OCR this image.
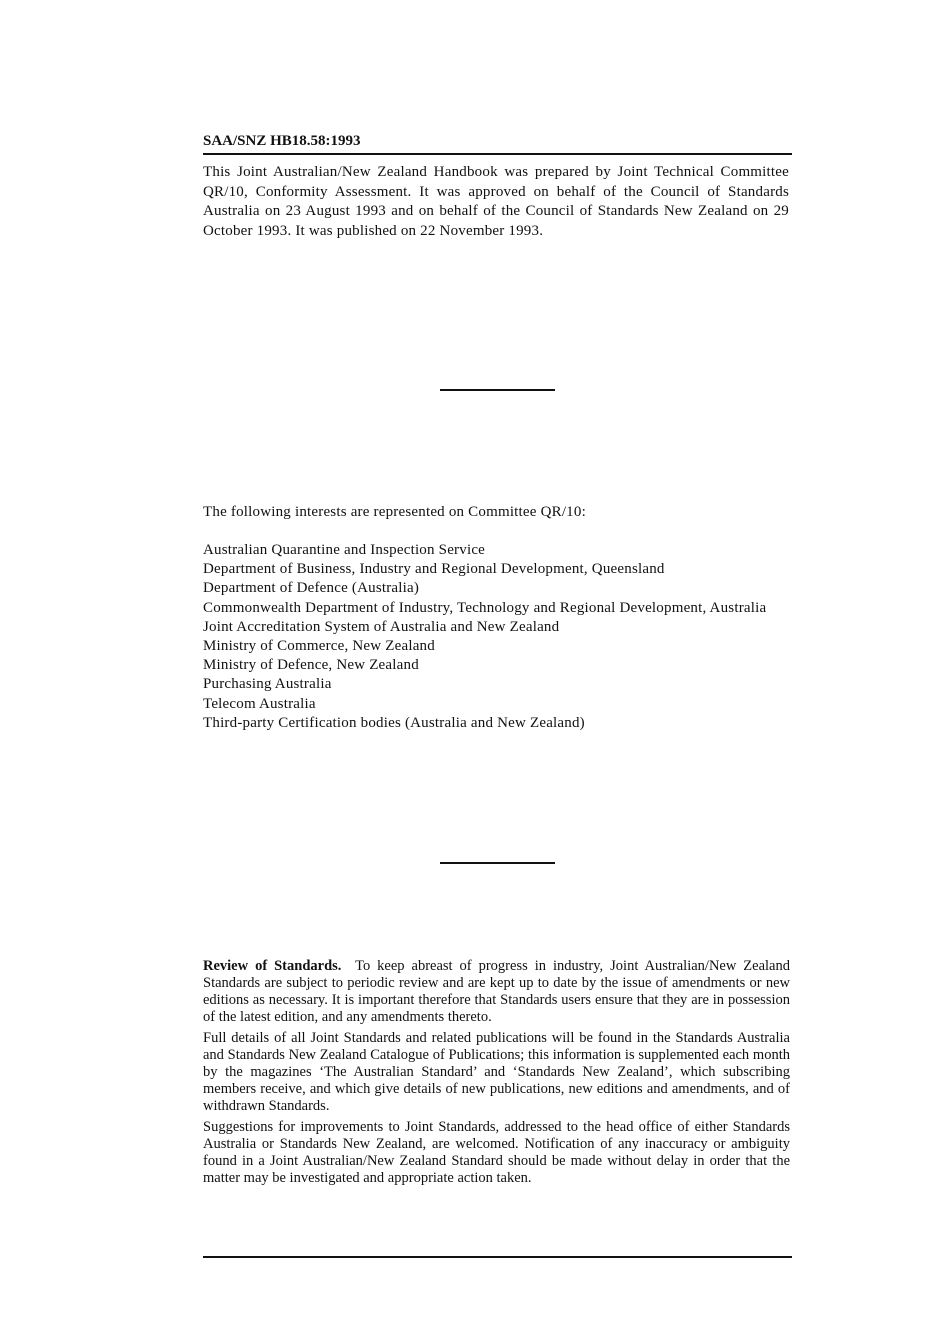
SAA/SNZ HB18.58:1993
This Joint Australian/New Zealand Handbook was prepared by Joint Technical Committee QR/10, Conformity Assessment. It was approved on behalf of the Council of Standards Australia on 23 August 1993 and on behalf of the Council of Standards New Zealand on 29 October 1993. It was published on 22 November 1993.
The following interests are represented on Committee QR/10:
Australian Quarantine and Inspection Service
Department of Business, Industry and Regional Development, Queensland
Department of Defence (Australia)
Commonwealth Department of Industry, Technology and Regional Development, Australia
Joint Accreditation System of Australia and New Zealand
Ministry of Commerce, New Zealand
Ministry of Defence, New Zealand
Purchasing Australia
Telecom Australia
Third-party Certification bodies (Australia and New Zealand)

Review of Standards. To keep abreast of progress in industry, Joint Australian/New Zealand Standards are subject to periodic review and are kept up to date by the issue of amendments or new editions as necessary. It is important therefore that Standards users ensure that they are in possession of the latest edition, and any amendments thereto.

Full details of all Joint Standards and related publications will be found in the Standards Australia and Standards New Zealand Catalogue of Publications; this information is supplemented each month by the magazines ‘The Australian Standard’ and ‘Standards New Zealand’, which subscribing members receive, and which give details of new publications, new editions and amendments, and of withdrawn Standards.

Suggestions for improvements to Joint Standards, addressed to the head office of either Standards Australia or Standards New Zealand, are welcomed. Notification of any inaccuracy or ambiguity found in a Joint Australian/New Zealand Standard should be made without delay in order that the matter may be investigated and appropriate action taken.
